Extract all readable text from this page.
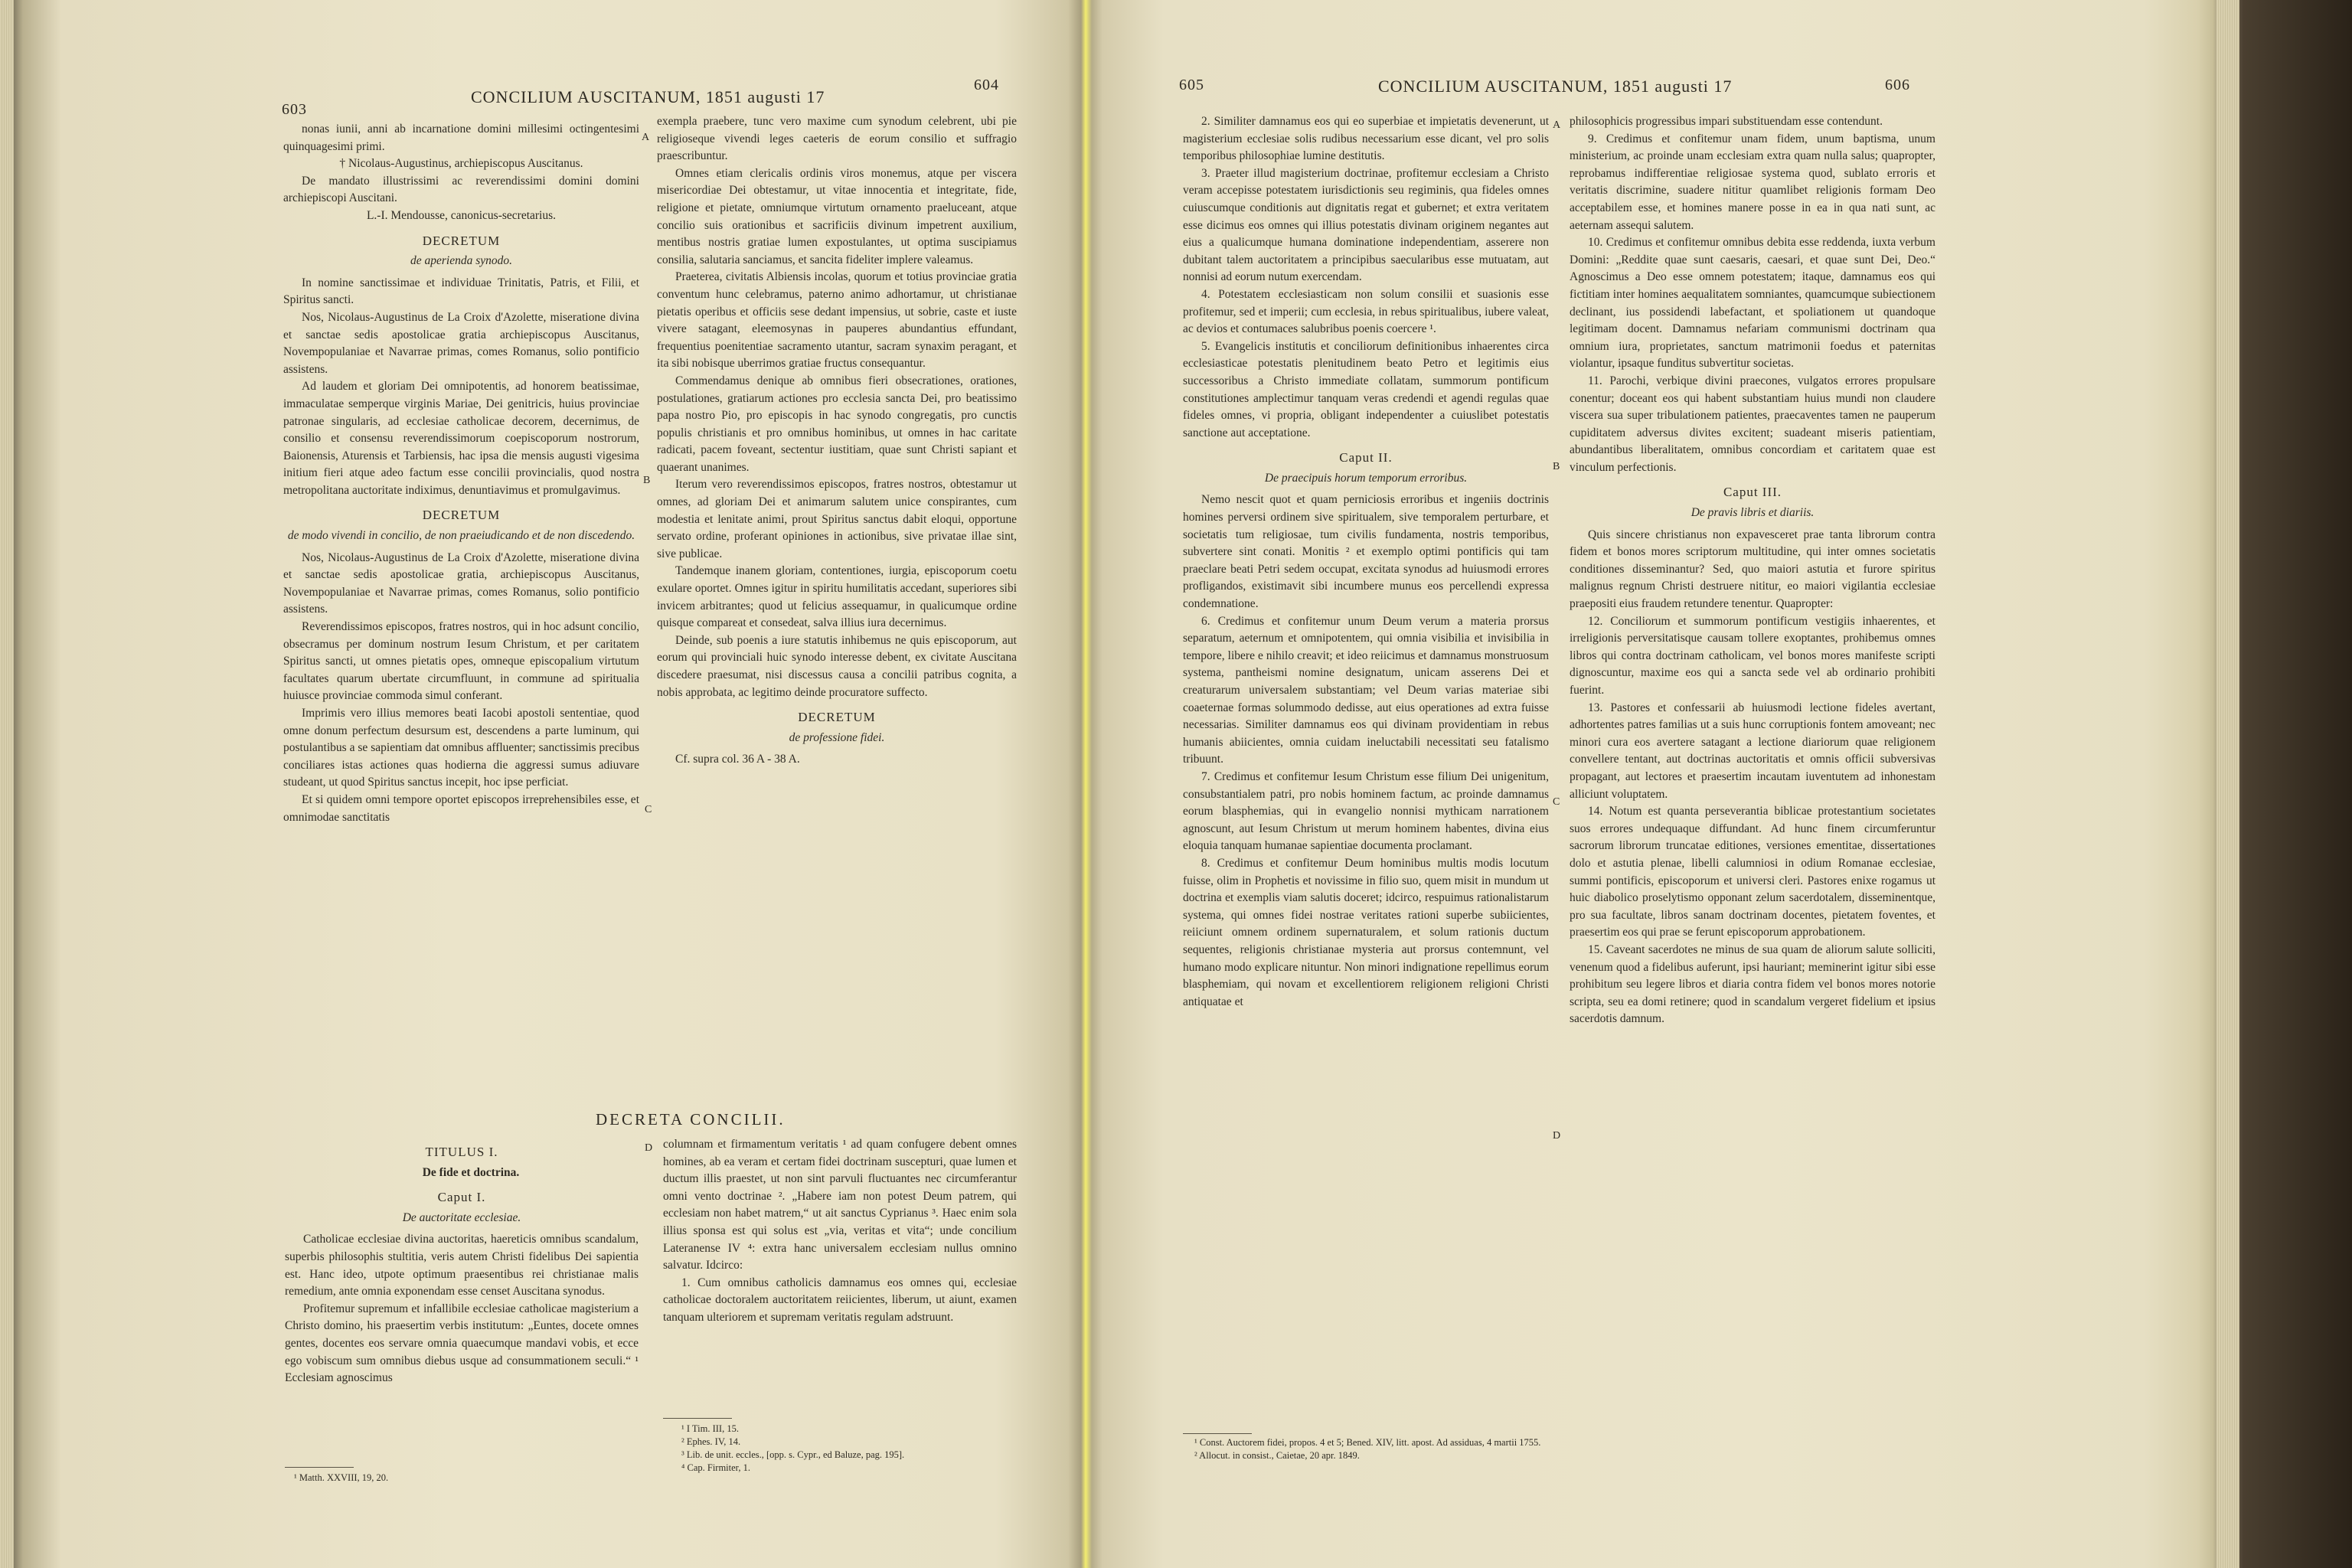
603
CONCILIUM AUSCITANUM, 1851 augusti 17
604

nonas iunii, anni ab incarnatione domini millesimi octingentesimi quinquagesimi primi.

† Nicolaus-Augustinus, archiepiscopus Auscitanus.

De mandato illustrissimi ac reverendissimi domini domini archiepiscopi Auscitani.

L.-I. Mendousse, canonicus-secretarius.

DECRETUM

de aperienda synodo.

In nomine sanctissimae et individuae Trinitatis, Patris, et Filii, et Spiritus sancti.

Nos, Nicolaus-Augustinus de La Croix d'Azolette, miseratione divina et sanctae sedis apostolicae gratia archiepiscopus Auscitanus, Novempopulaniae et Navarrae primas, comes Romanus, solio pontificio assistens.

Ad laudem et gloriam Dei omnipotentis, ad honorem beatissimae, immaculatae semperque virginis Mariae, Dei genitricis, huius provinciae patronae singularis, ad ecclesiae catholicae decorem, decernimus, de consilio et consensu reverendissimorum coepiscoporum nostrorum, Baionensis, Aturensis et Tarbiensis, hac ipsa die mensis augusti vigesima initium fieri atque adeo factum esse concilii provincialis, quod nostra metropolitana auctoritate indiximus, denuntiavimus et promulgavimus.

DECRETUM

de modo vivendi in concilio, de non praeiudicando et de non discedendo.

Nos, Nicolaus-Augustinus de La Croix d'Azolette, miseratione divina et sanctae sedis apostolicae gratia, archiepiscopus Auscitanus, Novempopulaniae et Navarrae primas, comes Romanus, solio pontificio assistens.

Reverendissimos episcopos, fratres nostros, qui in hoc adsunt concilio, obsecramus per dominum nostrum Iesum Christum, et per caritatem Spiritus sancti, ut omnes pietatis opes, omneque episcopalium virtutum facultates quarum ubertate circumfluunt, in commune ad spiritualia huiusce provinciae commoda simul conferant.

Imprimis vero illius memores beati Iacobi apostoli sententiae, quod omne donum perfectum desursum est, descendens a parte luminum, qui postulantibus a se sapientiam dat omnibus affluenter; sanctissimis precibus conciliares istas actiones quas hodierna die aggressi sumus adiuvare studeant, ut quod Spiritus sanctus incepit, hoc ipse perficiat.

Et si quidem omni tempore oportet episcopos irreprehensibiles esse, et omnimodae sanctitatis

exempla praebere, tunc vero maxime cum synodum celebrent, ubi pie religioseque vivendi leges caeteris de eorum consilio et suffragio praescribuntur.

Omnes etiam clericalis ordinis viros monemus, atque per viscera misericordiae Dei obtestamur, ut vitae innocentia et integritate, fide, religione et pietate, omniumque virtutum ornamento praeluceant, atque concilio suis orationibus et sacrificiis divinum impetrent auxilium, mentibus nostris gratiae lumen expostulantes, ut optima suscipiamus consilia, salutaria sanciamus, et sancita fideliter implere valeamus.

Praeterea, civitatis Albiensis incolas, quorum et totius provinciae gratia conventum hunc celebramus, paterno animo adhortamur, ut christianae pietatis operibus et officiis sese dedant impensius, ut sobrie, caste et iuste vivere satagant, eleemosynas in pauperes abundantius effundant, frequentius poenitentiae sacramento utantur, sacram synaxim peragant, et ita sibi nobisque uberrimos gratiae fructus consequantur.

Commendamus denique ab omnibus fieri obsecrationes, orationes, postulationes, gratiarum actiones pro ecclesia sancta Dei, pro beatissimo papa nostro Pio, pro episcopis in hac synodo congregatis, pro cunctis populis christianis et pro omnibus hominibus, ut omnes in hac caritate radicati, pacem foveant, sectentur iustitiam, quae sunt Christi sapiant et quaerant unanimes.

Iterum vero reverendissimos episcopos, fratres nostros, obtestamur ut omnes, ad gloriam Dei et animarum salutem unice conspirantes, cum modestia et lenitate animi, prout Spiritus sanctus dabit eloqui, opportune servato ordine, proferant opiniones in actionibus, sive privatae illae sint, sive publicae.

Tandemque inanem gloriam, contentiones, iurgia, episcoporum coetu exulare oportet. Omnes igitur in spiritu humilitatis accedant, superiores sibi invicem arbitrantes; quod ut felicius assequamur, in qualicumque ordine quisque compareat et consedeat, salva illius iura decernimus.

Deinde, sub poenis a iure statutis inhibemus ne quis episcoporum, aut eorum qui provinciali huic synodo interesse debent, ex civitate Auscitana discedere praesumat, nisi discessus causa a concilii patribus cognita, a nobis approbata, ac legitimo deinde procuratore suffecto.

DECRETUM

de professione fidei.

Cf. supra col. 36 A - 38 A.

A
B
C
D
DECRETA CONCILII.
TITULUS I.

De fide et doctrina.

Caput I.

De auctoritate ecclesiae.

Catholicae ecclesiae divina auctoritas, haereticis omnibus scandalum, superbis philosophis stultitia, veris autem Christi fidelibus Dei sapientia est. Hanc ideo, utpote optimum praesentibus rei christianae malis remedium, ante omnia exponendam esse censet Auscitana synodus.

Profitemur supremum et infallibile ecclesiae catholicae magisterium a Christo domino, his praesertim verbis institutum: „Euntes, docete omnes gentes, docentes eos servare omnia quaecumque mandavi vobis, et ecce ego vobiscum sum omnibus diebus usque ad consummationem seculi.“ ¹ Ecclesiam agnoscimus

columnam et firmamentum veritatis ¹ ad quam confugere debent omnes homines, ab ea veram et certam fidei doctrinam suscepturi, quae lumen et ductum illis praestet, ut non sint parvuli fluctuantes nec circumferantur omni vento doctrinae ². „Habere iam non potest Deum patrem, qui ecclesiam non habet matrem,“ ut ait sanctus Cyprianus ³. Haec enim sola illius sponsa est qui solus est „via, veritas et vita“; unde concilium Lateranense IV ⁴: extra hanc universalem ecclesiam nullus omnino salvatur. Idcirco:

1. Cum omnibus catholicis damnamus eos omnes qui, ecclesiae catholicae doctoralem auctoritatem reiicientes, liberum, ut aiunt, examen tanquam ulteriorem et supremam veritatis regulam adstruunt.

¹ Matth. XXVIII, 19, 20.
¹ I Tim. III, 15.
² Ephes. IV, 14.
³ Lib. de unit. eccles., [opp. s. Cypr., ed Baluze, pag. 195].
⁴ Cap. Firmiter, 1.
605	CONCILIUM AUSCITANUM, 1851 augusti 17	606

2. Similiter damnamus eos qui eo superbiae et impietatis devenerunt, ut magisterium ecclesiae solis rudibus necessarium esse dicant, vel pro solis temporibus philosophiae lumine destitutis.

3. Praeter illud magisterium doctrinae, profitemur ecclesiam a Christo veram accepisse potestatem iurisdictionis seu regiminis, qua fideles omnes cuiuscumque conditionis aut dignitatis regat et gubernet; et extra veritatem esse dicimus eos omnes qui illius potestatis divinam originem negantes aut eius a qualicumque humana dominatione independentiam, asserere non dubitant talem auctoritatem a principibus saecularibus esse mutuatam, aut nonnisi ad eorum nutum exercendam.

4. Potestatem ecclesiasticam non solum consilii et suasionis esse profitemur, sed et imperii; cum ecclesia, in rebus spiritualibus, iubere valeat, ac devios et contumaces salubribus poenis coercere ¹.

5. Evangelicis institutis et conciliorum definitionibus inhaerentes circa ecclesiasticae potestatis plenitudinem beato Petro et legitimis eius successoribus a Christo immediate collatam, summorum pontificum constitutiones amplectimur tanquam veras credendi et agendi regulas quae fideles omnes, vi propria, obligant independenter a cuiuslibet potestatis sanctione aut acceptatione.

Caput II.

De praecipuis horum temporum erroribus.

Nemo nescit quot et quam perniciosis erroribus et ingeniis doctrinis homines perversi ordinem sive spiritualem, sive temporalem perturbare, et societatis tum religiosae, tum civilis fundamenta, nostris temporibus, subvertere sint conati. Monitis ² et exemplo optimi pontificis qui tam praeclare beati Petri sedem occupat, excitata synodus ad huiusmodi errores profligandos, existimavit sibi incumbere munus eos percellendi expressa condemnatione.

6. Credimus et confitemur unum Deum verum a materia prorsus separatum, aeternum et omnipotentem, qui omnia visibilia et invisibilia in tempore, libere e nihilo creavit; et ideo reiicimus et damnamus monstruosum systema, pantheismi nomine designatum, unicam asserens Dei et creaturarum universalem substantiam; vel Deum varias materiae sibi coaeternae formas solummodo dedisse, aut eius operationes ad extra fuisse necessarias. Similiter damnamus eos qui divinam providentiam in rebus humanis abiicientes, omnia cuidam ineluctabili necessitati seu fatalismo tribuunt.

7. Credimus et confitemur Iesum Christum esse filium Dei unigenitum, consubstantialem patri, pro nobis hominem factum, ac proinde damnamus eorum blasphemias, qui in evangelio nonnisi mythicam narrationem agnoscunt, aut Iesum Christum ut merum hominem habentes, divina eius eloquia tanquam humanae sapientiae documenta proclamant.

8. Credimus et confitemur Deum hominibus multis modis locutum fuisse, olim in Prophetis et novissime in filio suo, quem misit in mundum ut doctrina et exemplis viam salutis doceret; idcirco, respuimus rationalistarum systema, qui omnes fidei nostrae veritates rationi superbe subiicientes, reiiciunt omnem ordinem supernaturalem, et solum rationis ductum sequentes, religionis christianae mysteria aut prorsus contemnunt, vel humano modo explicare nituntur. Non minori indignatione repellimus eorum blasphemiam, qui novam et excellentiorem religionem religioni Christi antiquatae et

philosophicis progressibus impari substituendam esse contendunt.

9. Credimus et confitemur unam fidem, unum baptisma, unum ministerium, ac proinde unam ecclesiam extra quam nulla salus; quapropter, reprobamus indifferentiae religiosae systema quod, sublato erroris et veritatis discrimine, suadere nititur quamlibet religionis formam Deo acceptabilem esse, et homines manere posse in ea in qua nati sunt, ac aeternam assequi salutem.

10. Credimus et confitemur omnibus debita esse reddenda, iuxta verbum Domini: „Reddite quae sunt caesaris, caesari, et quae sunt Dei, Deo.“ Agnoscimus a Deo esse omnem potestatem; itaque, damnamus eos qui fictitiam inter homines aequalitatem somniantes, quamcumque subiectionem declinant, ius possidendi labefactant, et spoliationem ut quandoque legitimam docent. Damnamus nefariam communismi doctrinam qua omnium iura, proprietates, sanctum matrimonii foedus et paternitas violantur, ipsaque funditus subvertitur societas.

11. Parochi, verbique divini praecones, vulgatos errores propulsare conentur; doceant eos qui habent substantiam huius mundi non claudere viscera sua super tribulationem patientes, praecaventes tamen ne pauperum cupiditatem adversus divites excitent; suadeant miseris patientiam, abundantibus liberalitatem, omnibus concordiam et caritatem quae est vinculum perfectionis.

Caput III.

De pravis libris et diariis.

Quis sincere christianus non expavesceret prae tanta librorum contra fidem et bonos mores scriptorum multitudine, qui inter omnes societatis conditiones disseminantur? Sed, quo maiori astutia et furore spiritus malignus regnum Christi destruere nititur, eo maiori vigilantia ecclesiae praepositi eius fraudem retundere tenentur. Quapropter:

12. Conciliorum et summorum pontificum vestigiis inhaerentes, et irreligionis perversitatisque causam tollere exoptantes, prohibemus omnes libros qui contra doctrinam catholicam, vel bonos mores manifeste scripti dignoscuntur, maxime eos qui a sancta sede vel ab ordinario prohibiti fuerint.

13. Pastores et confessarii ab huiusmodi lectione fideles avertant, adhortentes patres familias ut a suis hunc corruptionis fontem amoveant; nec minori cura eos avertere satagant a lectione diariorum quae religionem convellere tentant, aut doctrinas auctoritatis et omnis officii subversivas propagant, aut lectores et praesertim incautam iuventutem ad inhonestam alliciunt voluptatem.

14. Notum est quanta perseverantia biblicae protestantium societates suos errores undequaque diffundant. Ad hunc finem circumferuntur sacrorum librorum truncatae editiones, versiones ementitae, dissertationes dolo et astutia plenae, libelli calumniosi in odium Romanae ecclesiae, summi pontificis, episcoporum et universi cleri. Pastores enixe rogamus ut huic diabolico proselytismo opponant zelum sacerdotalem, disseminentque, pro sua facultate, libros sanam doctrinam docentes, pietatem foventes, et praesertim eos qui prae se ferunt episcoporum approbationem.

15. Caveant sacerdotes ne minus de sua quam de aliorum salute solliciti, venenum quod a fidelibus auferunt, ipsi hauriant; meminerint igitur sibi esse prohibitum seu legere libros et diaria contra fidem vel bonos mores notorie scripta, seu ea domi retinere; quod in scandalum vergeret fidelium et ipsius sacerdotis damnum.

A
B
C
D
¹ Const. Auctorem fidei, propos. 4 et 5; Bened. XIV, litt. apost. Ad assiduas, 4 martii 1755.
² Allocut. in consist., Caietae, 20 apr. 1849.
